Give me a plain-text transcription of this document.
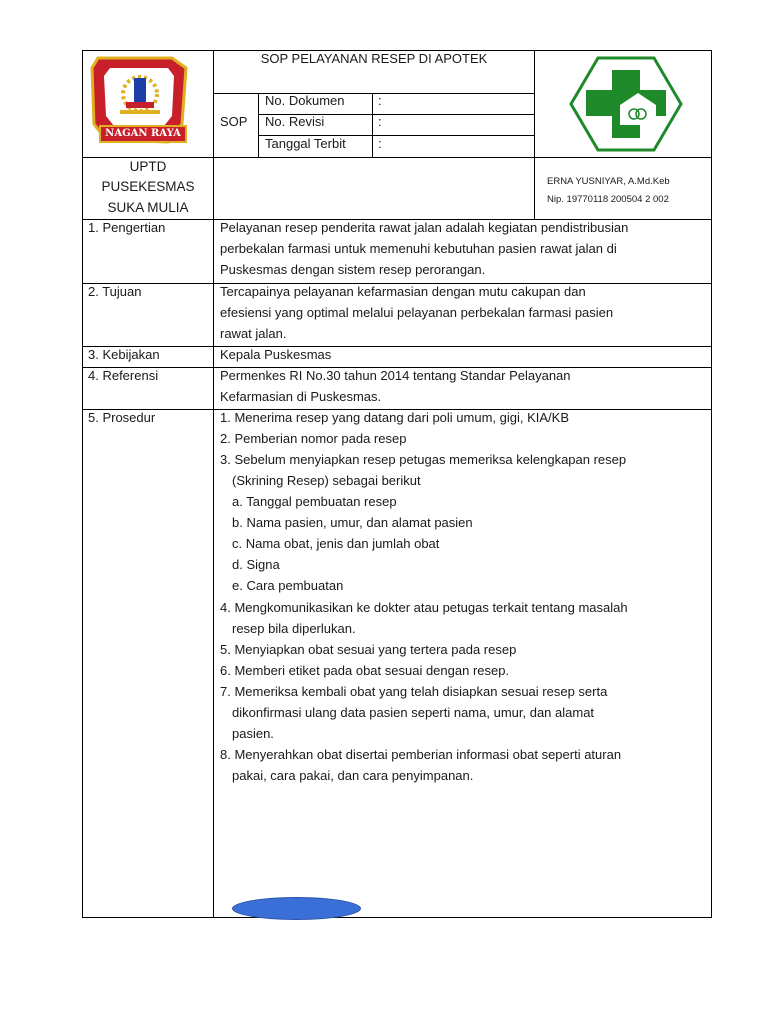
NAGAN RAYA
SOP PELAYANAN RESEP DI APOTEK
SOP
No. Dokumen
No. Revisi
Tanggal Terbit
:
:
:
UPTD
PUSEKESMAS
SUKA MULIA
ERNA YUSNIYAR, A.Md.Keb
Nip. 19770118 200504 2 002
1. Pengertian
2. Tujuan
3. Kebijakan
4. Referensi
5. Prosedur
Pelayanan resep penderita rawat jalan adalah kegiatan pendistribusian
perbekalan farmasi untuk memenuhi kebutuhan pasien rawat jalan di
Puskesmas dengan sistem resep perorangan.
Tercapainya pelayanan kefarmasian dengan mutu cakupan dan
efesiensi yang optimal melalui pelayanan perbekalan farmasi pasien
rawat jalan.
Kepala Puskesmas
Permenkes RI No.30 tahun 2014 tentang Standar Pelayanan
Kefarmasian di Puskesmas.
1. Menerima resep yang datang dari poli umum, gigi, KIA/KB
2. Pemberian nomor pada resep
3. Sebelum menyiapkan resep petugas memeriksa kelengkapan resep
(Skrining Resep) sebagai berikut
a. Tanggal pembuatan resep
b. Nama pasien, umur, dan alamat pasien
c. Nama obat, jenis dan jumlah obat
d. Signa
e. Cara pembuatan
4. Mengkomunikasikan ke dokter atau petugas terkait tentang masalah
resep bila diperlukan.
5. Menyiapkan obat sesuai yang tertera pada resep
6. Memberi etiket pada obat sesuai dengan resep.
7. Memeriksa kembali obat yang telah disiapkan sesuai resep serta
dikonfirmasi ulang data pasien seperti nama, umur, dan alamat
pasien.
8. Menyerahkan obat disertai pemberian informasi obat seperti aturan
pakai, cara pakai, dan cara penyimpanan.
